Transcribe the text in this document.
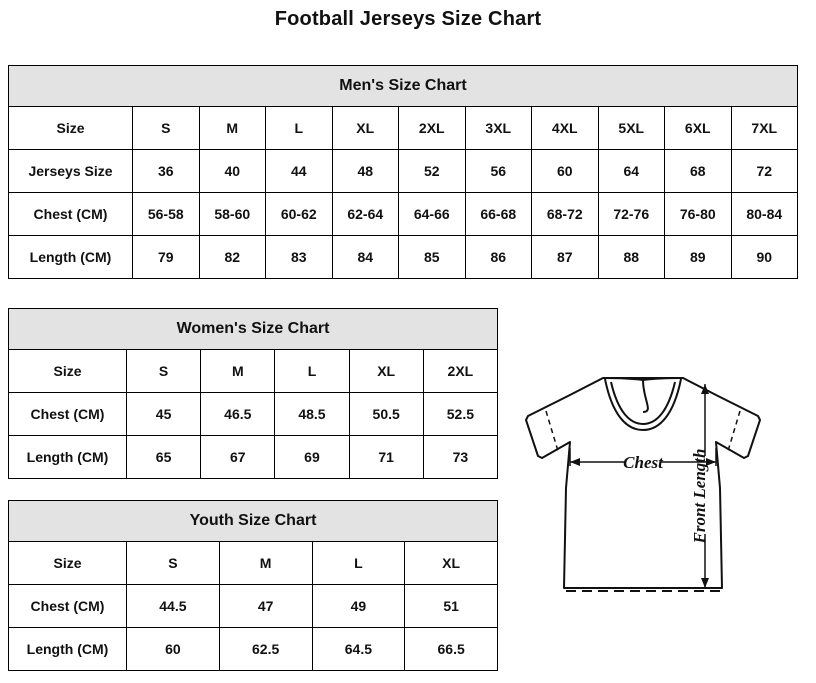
Football Jerseys Size Chart
Men's Size Chart										
Size	S	M	L	XL	2XL	3XL	4XL	5XL	6XL	7XL
Jerseys Size	36	40	44	48	52	56	60	64	68	72
Chest (CM)	56-58	58-60	60-62	62-64	64-66	66-68	68-72	72-76	76-80	80-84
Length (CM)	79	82	83	84	85	86	87	88	89	90
Women's Size Chart					
Size	S	M	L	XL	2XL
Chest (CM)	45	46.5	48.5	50.5	52.5
Length (CM)	65	67	69	71	73
Youth Size Chart				
Size	S	M	L	XL
Chest (CM)	44.5	47	49	51
Length (CM)	60	62.5	64.5	66.5
Chest Front Length
